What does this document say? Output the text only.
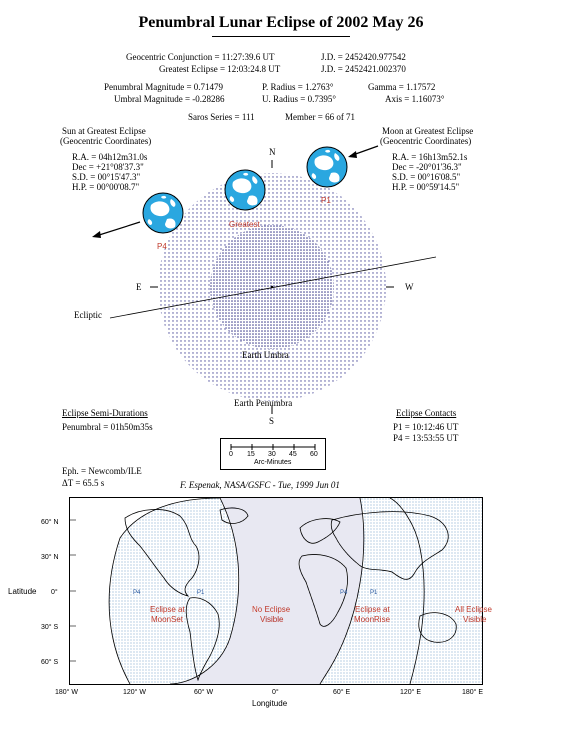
Penumbral Lunar Eclipse of 2002 May 26
Geocentric Conjunction = 11:27:39.6 UT	J.D. = 2452420.977542
Greatest Eclipse = 12:03:24.8 UT	J.D. = 2452421.002370
Penumbral Magnitude = 0.71479	P. Radius = 1.2763°	Gamma = 1.17572
Umbral Magnitude = -0.28286	U. Radius = 0.7395°	Axis = 1.16073°
Saros Series = 111	Member = 66 of 71
Sun at Greatest Eclipse
(Geocentric Coordinates)
R.A. = 04h12m31.0s
Dec = +21°08'37.3"
S.D. = 00°15'47.3"
H.P. = 00°00'08.7"
Moon at Greatest Eclipse
(Geocentric Coordinates)
R.A. = 16h13m52.1s
Dec = -20°01'36.3"
S.D. = 00°16'08.5"
H.P. = 00°59'14.5"
N
S
E	W
Ecliptic
Earth Umbra
Earth Penumbra
P1
P4
Greatest
Eclipse Semi-Durations
Penumbral = 01h50m35s
Eclipse Contacts
P1 = 10:12:46 UT
P4 = 13:53:55 UT
0 15 30 45 60
Arc-Minutes
Eph. = Newcomb/ILE
ΔT = 65.5 s	F. Espenak, NASA/GSFC - Tue, 1999 Jun 01
Latitude
60° N
30° N
0°
30° S
60° S
180° W	120° W	60° W	0°	60° E	120° E	180° E
Longitude
Eclipse at
MoonSet
No Eclipse
Visible
Eclipse at
MoonRise
All Eclipse
Visible
P4	P1	P4	P1
